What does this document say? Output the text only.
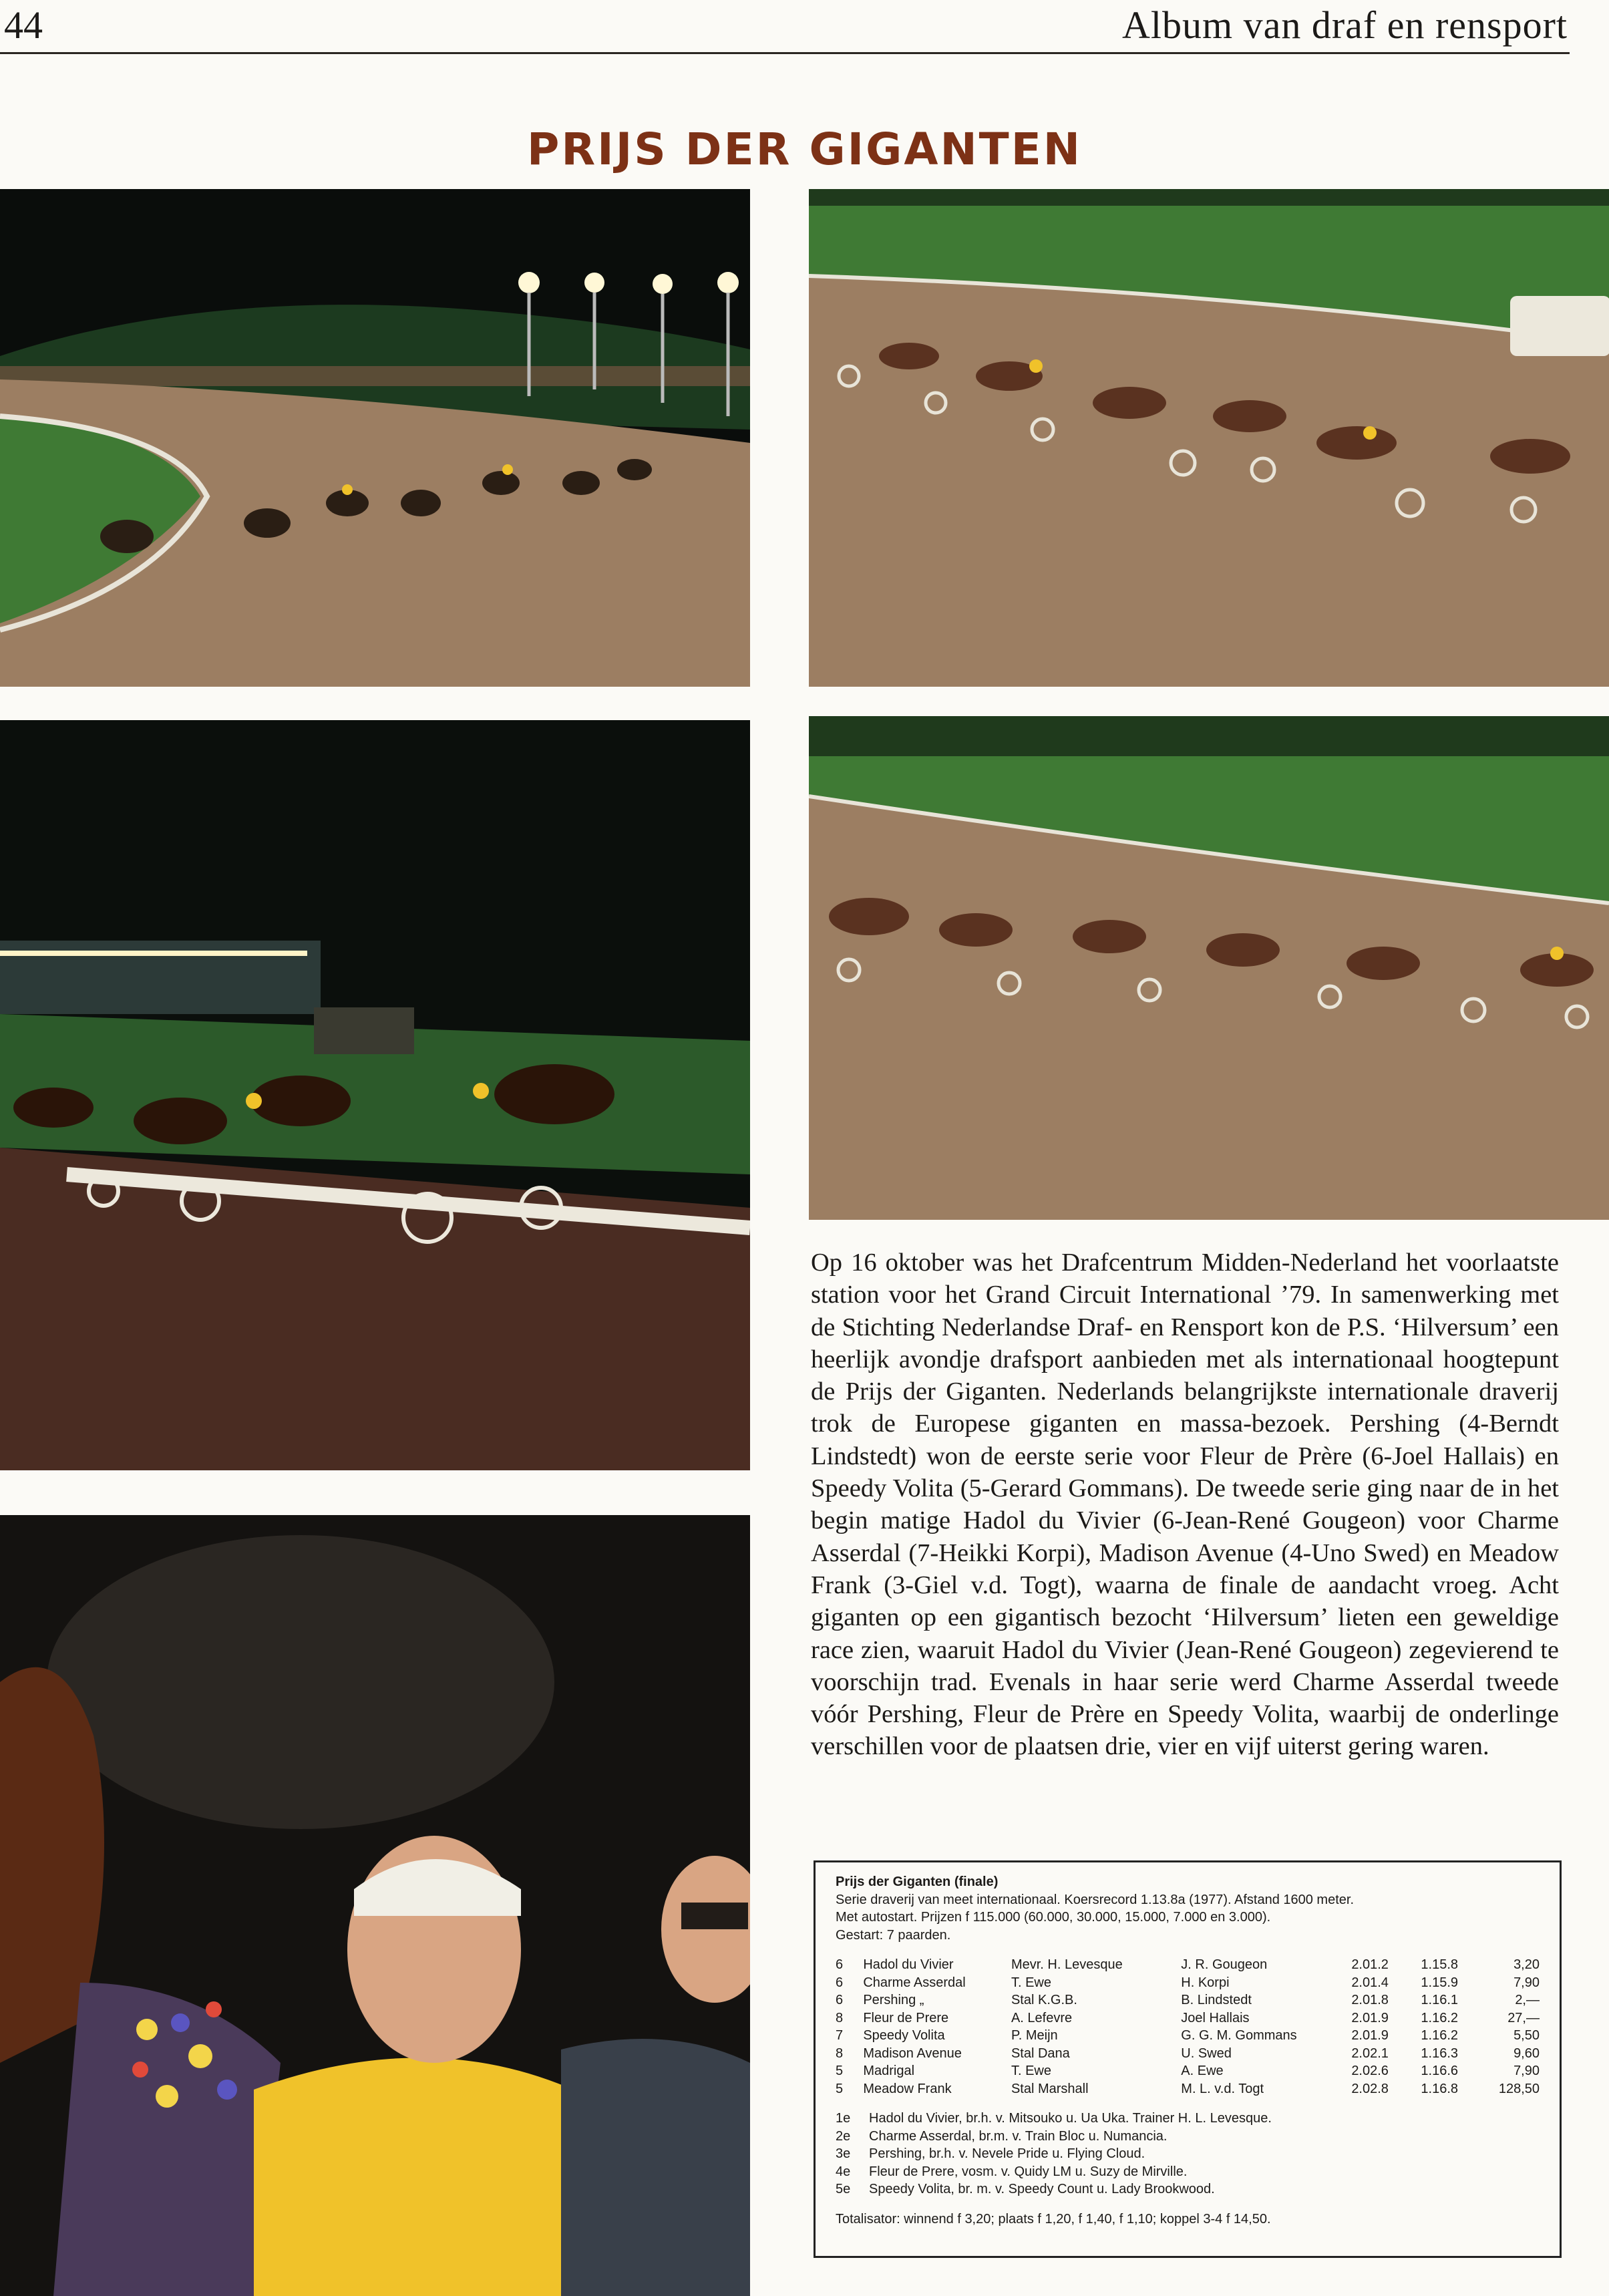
44	Album van draf en rensport
PRIJS DER GIGANTEN
Op 16 oktober was het Drafcentrum Midden-Nederland het voorlaatste station voor het Grand Circuit International ’79. In samenwerking met de Stichting Nederlandse Draf- en Rensport kon de P.S. ‘Hilversum’ een heerlijk avondje drafsport aanbieden met als internationaal hoogtepunt de Prijs der Giganten. Nederlands belangrijkste internationale draverij trok de Europese giganten en massa-bezoek. Pershing (4-Berndt Lindstedt) won de eerste serie voor Fleur de Prère (6-Joel Hallais) en Speedy Volita (5-Gerard Gommans). De tweede serie ging naar de in het begin matige Hadol du Vivier (6-Jean-René Gougeon) voor Charme Asserdal (7-Heikki Korpi), Madison Avenue (4-Uno Swed) en Meadow Frank (3-Giel v.d. Togt), waarna de finale de aandacht vroeg. Acht giganten op een gigantisch bezocht ‘Hilversum’ lieten een geweldige race zien, waaruit Hadol du Vivier (Jean-René Gougeon) zegevierend te voorschijn trad. Evenals in haar serie werd Charme Asserdal tweede vóór Pershing, Fleur de Prère en Speedy Volita, waarbij de onderlinge verschillen voor de plaatsen drie, vier en vijf uiterst gering waren.
Prijs der Giganten (finale)
Serie draverij van meet internationaal. Koersrecord 1.13.8a (1977). Afstand 1600 meter.
Met autostart. Prijzen f 115.000 (60.000, 30.000, 15.000, 7.000 en 3.000).
Gestart: 7 paarden.
6	Hadol du Vivier	Mevr. H. Levesque	J. R. Gougeon	2.01.2	1.15.8	3,20
6	Charme Asserdal	T. Ewe	H. Korpi	2.01.4	1.15.9	7,90
6	Pershing „	Stal K.G.B.	B. Lindstedt	2.01.8	1.16.1	2,—
8	Fleur de Prere	A. Lefevre	Joel Hallais	2.01.9	1.16.2	27,—
7	Speedy Volita	P. Meijn	G. G. M. Gommans	2.01.9	1.16.2	5,50
8	Madison Avenue	Stal Dana	U. Swed	2.02.1	1.16.3	9,60
5	Madrigal	T. Ewe	A. Ewe	2.02.6	1.16.6	7,90
5	Meadow Frank	Stal Marshall	M. L. v.d. Togt	2.02.8	1.16.8	128,50
1e Hadol du Vivier, br.h. v. Mitsouko u. Ua Uka. Trainer H. L. Levesque.
2e Charme Asserdal, br.m. v. Train Bloc u. Numancia.
3e Pershing, br.h. v. Nevele Pride u. Flying Cloud.
4e Fleur de Prere, vosm. v. Quidy LM u. Suzy de Mirville.
5e Speedy Volita, br. m. v. Speedy Count u. Lady Brookwood.
Totalisator: winnend f 3,20; plaats f 1,20, f 1,40, f 1,10; koppel 3-4 f 14,50.
